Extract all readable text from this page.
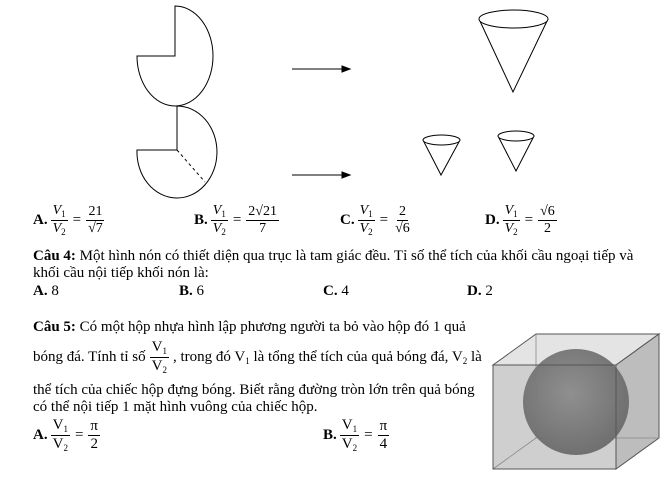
A. $\frac{V_1}{V_2} = \frac{21}{√7}$	B. $\frac{V_1}{V_2} = \frac{2√21}{7}$	C. $\frac{V_1}{V_2} = \frac{2}{√6}$	D. $\frac{V_1}{V_2} = \frac{√6}{2}$
Câu 4: Một hình nón có thiết diện qua trục là tam giác đều. Tỉ số thể tích của khối cầu ngoại tiếp và
khối cầu nội tiếp khối nón là:
A. 8	B. 6	C. 4	D. 2
Câu 5: Có một hộp nhựa hình lập phương người ta bỏ vào hộp đó 1 quả
bóng đá. Tính tỉ số $\frac{V_1}{V_2}$ , trong đó $V_1$ là tổng thể tích của quả bóng đá, $V_2$ là
thể tích của chiếc hộp đựng bóng. Biết rằng đường tròn lớn trên quả bóng
có thể nội tiếp 1 mặt hình vuông của chiếc hộp.
A. $\frac{V_1}{V_2} = \frac{\pi}{2}$	B. $\frac{V_1}{V_2} = \frac{\pi}{4}$
